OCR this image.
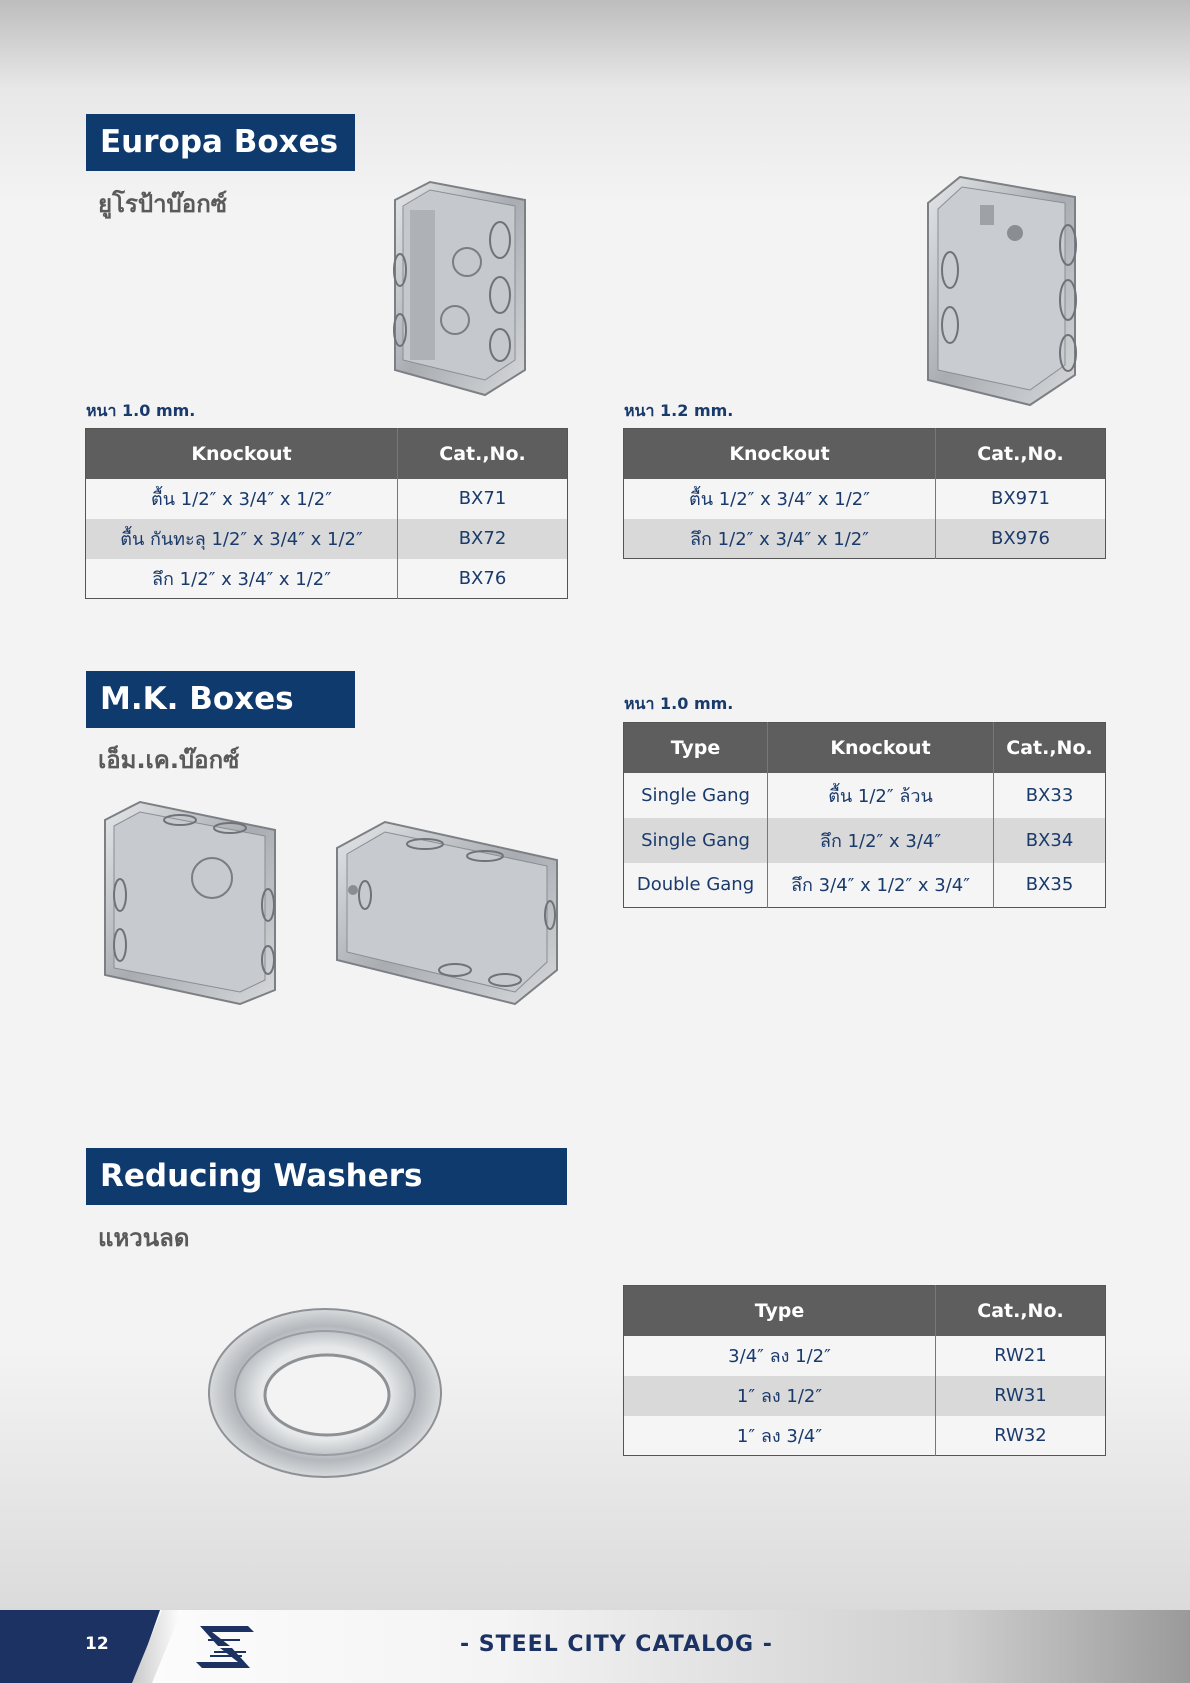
Europa Boxes
ยูโรป้าบ๊อกซ์
หนา 1.0 mm.
Knockout	Cat.,No.
ตื้น 1/2″ x 3/4″ x 1/2″	BX71
ตื้น กันทะลุ 1/2″ x 3/4″ x 1/2″	BX72
ลึก 1/2″ x 3/4″ x 1/2″	BX76
หนา 1.2 mm.
Knockout	Cat.,No.
ตื้น 1/2″ x 3/4″ x 1/2″	BX971
ลึก 1/2″ x 3/4″ x 1/2″	BX976
M.K. Boxes
เอ็ม.เค.บ๊อกซ์
หนา 1.0 mm.
Type	Knockout	Cat.,No.
Single Gang	ตื้น 1/2″ ล้วน	BX33
Single Gang	ลึก 1/2″ x 3/4″	BX34
Double Gang	ลึก 3/4″ x 1/2″ x 3/4″	BX35
Reducing Washers
แหวนลด
Type	Cat.,No.
3/4″ ลง 1/2″	RW21
1″ ลง 1/2″	RW31
1″ ลง 3/4″	RW32
12	- STEEL CITY CATALOG -
